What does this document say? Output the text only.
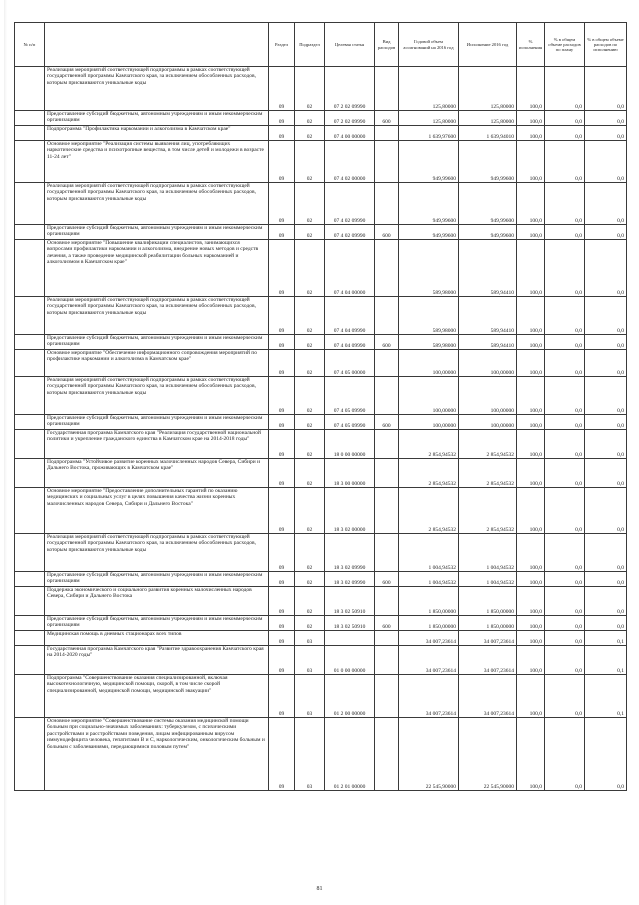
№ п/п		Раздел	Подраздел	Целевая статья	Вид расходов	Годовой объем ассигнований на 2016 год	Исполнение 2016 год	% исполнения	% в общем объеме расходов по плану	% в общем объеме расходов по исполнению
	Реализация мероприятий соответствующей подпрограммы в рамках соответствующей государственной программы Камчатского края, за исключением обособленных расходов, которым присваиваются уникальные коды	09	02	07 2 02 09990		125,80000	125,80000	100,0	0,0	0,0
	Предоставление субсидий бюджетным, автономным учреждениям и иным некоммерческим организациям	09	02	07 2 02 09990	600	125,80000	125,80000	100,0	0,0	0,0
	Подпрограмма "Профилактика наркомании и алкоголизма в Камчатском крае"	09	02	07 4 00 00000		1 639,97600	1 639,94010	100,0	0,0	0,0
	Основное мероприятие "Реализация системы выявления лиц, употребляющих наркотические средства и психотропные вещества, в том числе детей и молодежи в возрасте 11-24 лет"	09	02	07 4 02 00000		949,99600	949,99600	100,0	0,0	0,0
	Реализация мероприятий соответствующей подпрограммы в рамках соответствующей государственной программы Камчатского края, за исключением обособленных расходов, которым присваиваются уникальные коды	09	02	07 4 02 09990		949,99600	949,99600	100,0	0,0	0,0
	Предоставление субсидий бюджетным, автономным учреждениям и иным некоммерческим организациям	09	02	07 4 02 09990	600	949,99600	949,99600	100,0	0,0	0,0
	Основное мероприятие "Повышение квалификации специалистов, занимающихся вопросами профилактики наркомании и алкоголизма, внедрение новых методов и средств лечения, а также проведение медицинской реабилитации больных наркоманией и алкоголизмом в Камчатском крае"	09	02	07 4 04 00000		589,98000	589,94410	100,0	0,0	0,0
	Реализация мероприятий соответствующей подпрограммы в рамках соответствующей государственной программы Камчатского края, за исключением обособленных расходов, которым присваиваются уникальные коды	09	02	07 4 04 09990		589,98000	589,94410	100,0	0,0	0,0
	Предоставление субсидий бюджетным, автономным учреждениям и иным некоммерческим организациям	09	02	07 4 04 09990	600	589,98000	589,94410	100,0	0,0	0,0
	Основное мероприятие "Обеспечение информационного сопровождения мероприятий по профилактике наркомании и алкоголизма в Камчатском крае"	09	02	07 4 05 00000		100,00000	100,00000	100,0	0,0	0,0
	Реализация мероприятий соответствующей подпрограммы в рамках соответствующей государственной программы Камчатского края, за исключением обособленных расходов, которым присваиваются уникальные коды	09	02	07 4 05 09990		100,00000	100,00000	100,0	0,0	0,0
	Предоставление субсидий бюджетным, автономным учреждениям и иным некоммерческим организациям	09	02	07 4 05 09990	600	100,00000	100,00000	100,0	0,0	0,0
	Государственная программа Камчатского края "Реализация государственной национальной политики и укрепление гражданского единства в Камчатском крае на 2014-2018 годы"	09	02	18 0 00 00000		2 854,94532	2 854,94532	100,0	0,0	0,0
	Подпрограмма "Устойчивое развитие коренных малочисленных народов Севера, Сибири и Дальнего Востока, проживающих в Камчатском крае"	09	02	18 3 00 00000		2 854,94532	2 854,94532	100,0	0,0	0,0
	Основное мероприятие "Предоставление дополнительных гарантий по оказанию медицинских и социальных услуг в целях повышения качества жизни коренных малочисленных народов Севера, Сибири и Дальнего Востока"	09	02	18 3 02 00000		2 854,94532	2 854,94532	100,0	0,0	0,0
	Реализация мероприятий соответствующей подпрограммы в рамках соответствующей государственной программы Камчатского края, за исключением обособленных расходов, которым присваиваются уникальные коды	09	02	18 3 02 09990		1 004,94532	1 004,94532	100,0	0,0	0,0
	Предоставление субсидий бюджетным, автономным учреждениям и иным некоммерческим организациям	09	02	18 3 02 09990	600	1 004,94532	1 004,94532	100,0	0,0	0,0
	Поддержка экономического и социального развития коренных малочисленных народов Севера, Сибири и Дальнего Востока	09	02	18 3 02 50910		1 850,00000	1 850,00000	100,0	0,0	0,0
	Предоставление субсидий бюджетным, автономным учреждениям и иным некоммерческим организациям	09	02	18 3 02 50910	600	1 850,00000	1 850,00000	100,0	0,0	0,0
	Медицинская помощь в дневных стационарах всех типов	09	03			34 007,23614	34 007,23614	100,0	0,0	0,1
	Государственная программа Камчатского края "Развитие здравоохранения Камчатского края на 2014-2020 годы"	09	03	01 0 00 00000		34 007,23614	34 007,23614	100,0	0,0	0,1
	Подпрограмма "Совершенствование оказания специализированной, включая высокотехнологичную, медицинской помощи, скорой, в том числе скорой специализированной, медицинской помощи, медицинской эвакуации"	09	03	01 2 00 00000		34 007,23614	34 007,23614	100,0	0,0	0,1
	Основное мероприятие "Совершенствование системы оказания медицинской помощи больным при социально-значимых заболеваниях: туберкулезом, с психическими расстройствами и расстройствами поведения, лицам инфицированным вирусом иммунодефицита человека, гепатитами В и С, наркологическим, онкологическим больным и больным с заболеваниями, передающимися половым путем"	09	03	01 2 01 00000		22 545,90000	22 545,90000	100,0	0,0	0,0
81
